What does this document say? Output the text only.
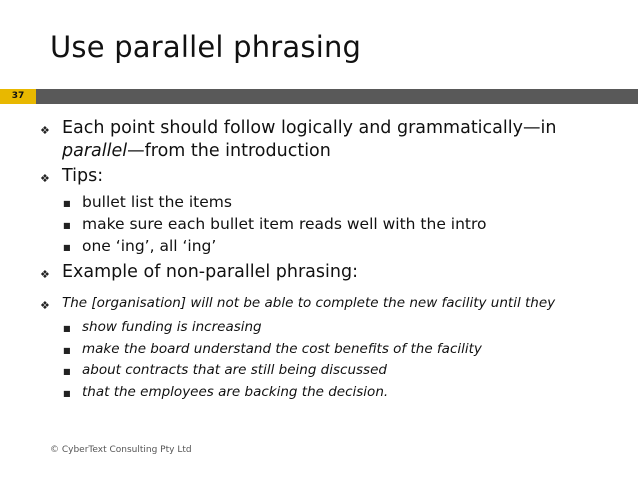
Use parallel phrasing
37
❖ Each point should follow logically and grammatically—in
parallel—from the introduction
❖ Tips:
■ bullet list the items
■ make sure each bullet item reads well with the intro
■ one ‘ing’, all ‘ing’
❖ Example of non-parallel phrasing:
❖ The [organisation] will not be able to complete the new facility until they
■ show funding is increasing
■ make the board understand the cost benefits of the facility
■ about contracts that are still being discussed
■ that the employees are backing the decision.
© CyberText Consulting Pty Ltd
